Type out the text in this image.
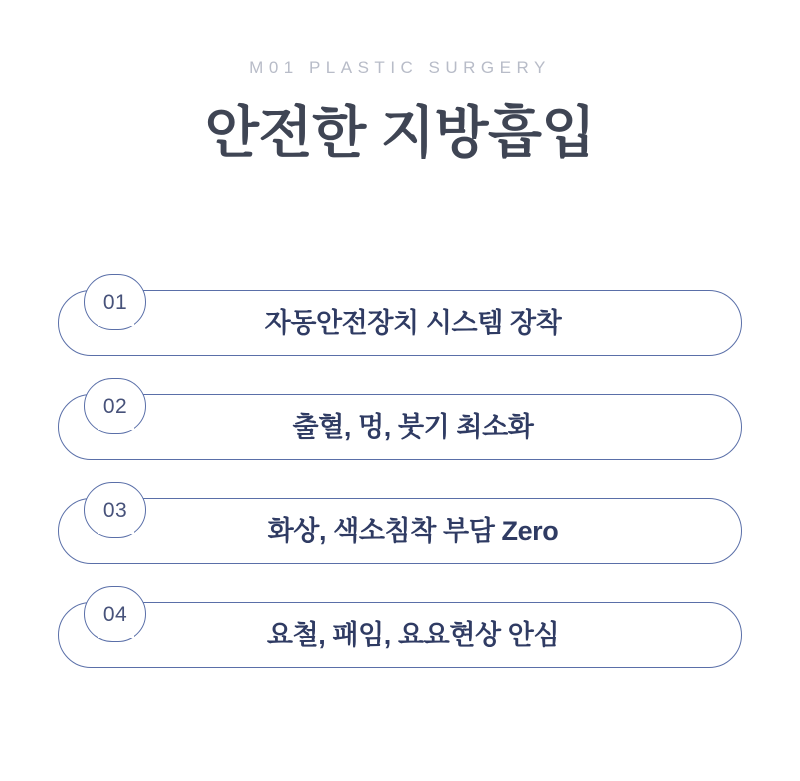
M01 PLASTIC SURGERY

안전한 지방흡입
자동안전장치 시스템 장착
01
출혈, 멍, 붓기 최소화
02
화상, 색소침착 부담 Zero
03
요철, 패임, 요요현상 안심
04
